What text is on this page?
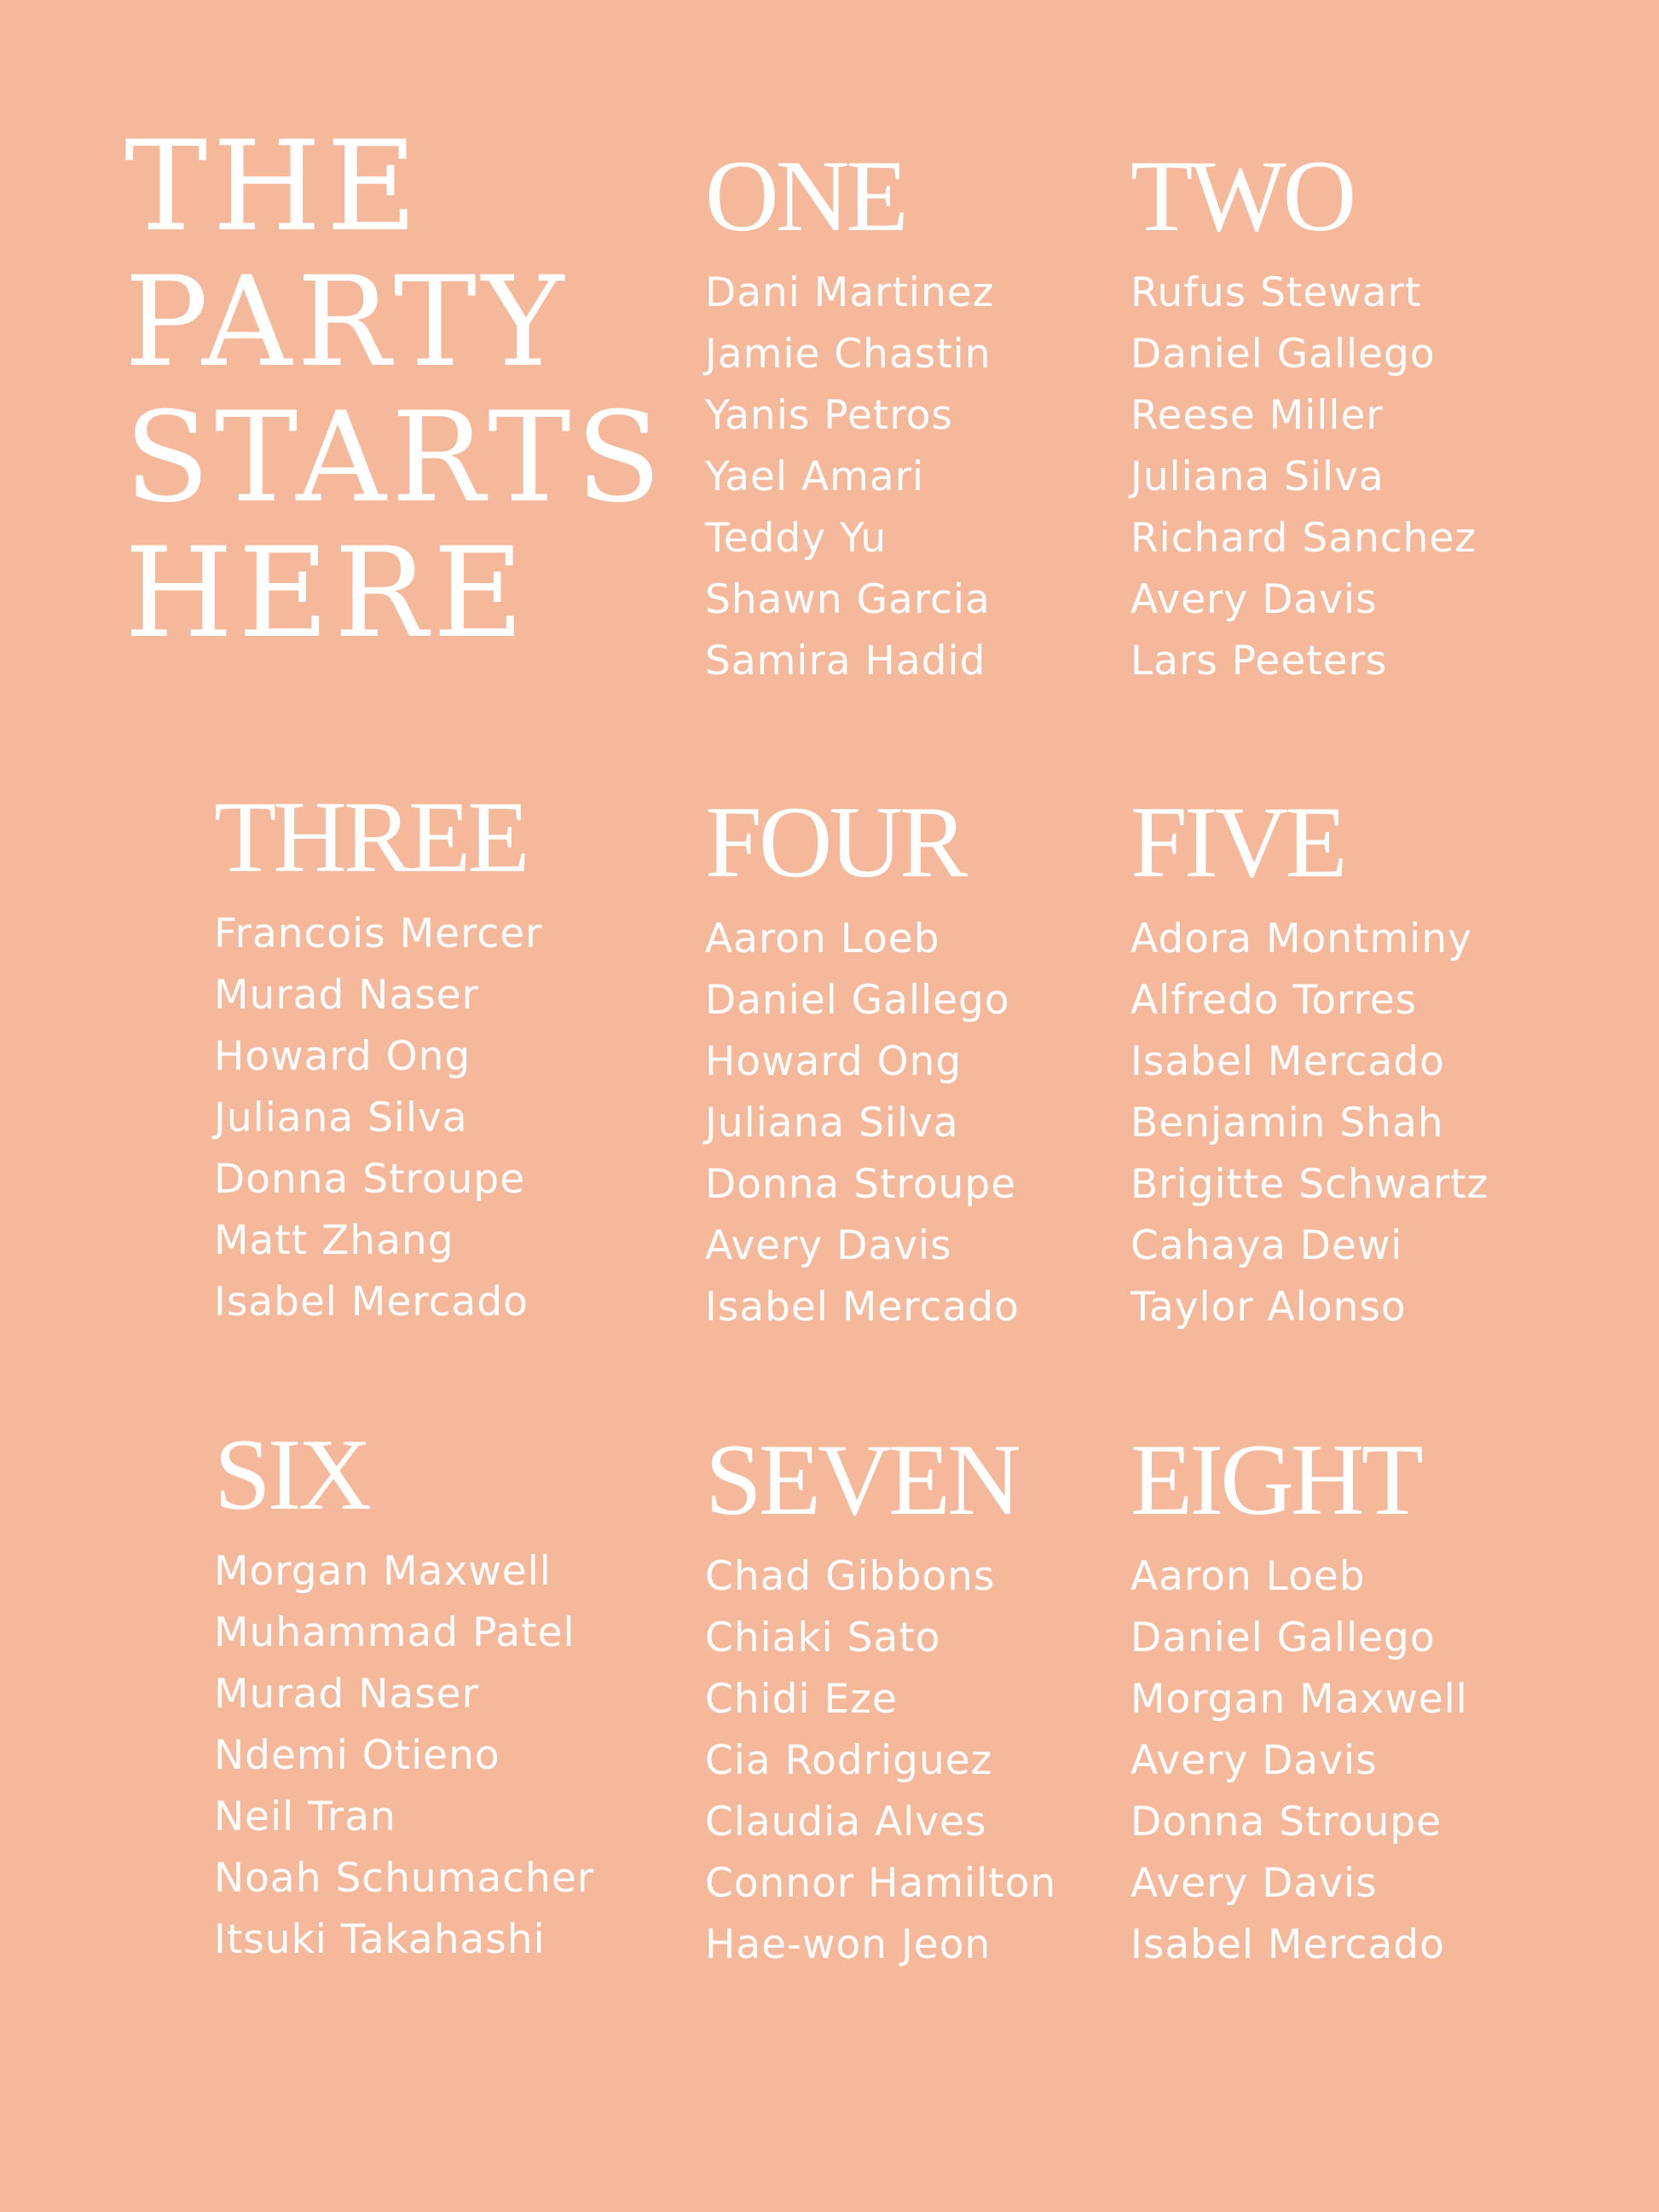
THE
PARTY
STARTS
HERE
ONE
Dani Martinez
Jamie Chastin
Yanis Petros
Yael Amari
Teddy Yu
Shawn Garcia
Samira Hadid
TWO
Rufus Stewart
Daniel Gallego
Reese Miller
Juliana Silva
Richard Sanchez
Avery Davis
Lars Peeters
THREE
Francois Mercer
Murad Naser
Howard Ong
Juliana Silva
Donna Stroupe
Matt Zhang
Isabel Mercado
FOUR
Aaron Loeb
Daniel Gallego
Howard Ong
Juliana Silva
Donna Stroupe
Avery Davis
Isabel Mercado
FIVE
Adora Montminy
Alfredo Torres
Isabel Mercado
Benjamin Shah
Brigitte Schwartz
Cahaya Dewi
Taylor Alonso
SIX
Morgan Maxwell
Muhammad Patel
Murad Naser
Ndemi Otieno
Neil Tran
Noah Schumacher
Itsuki Takahashi
SEVEN
Chad Gibbons
Chiaki Sato
Chidi Eze
Cia Rodriguez
Claudia Alves
Connor Hamilton
Hae-won Jeon
EIGHT
Aaron Loeb
Daniel Gallego
Morgan Maxwell
Avery Davis
Donna Stroupe
Avery Davis
Isabel Mercado
